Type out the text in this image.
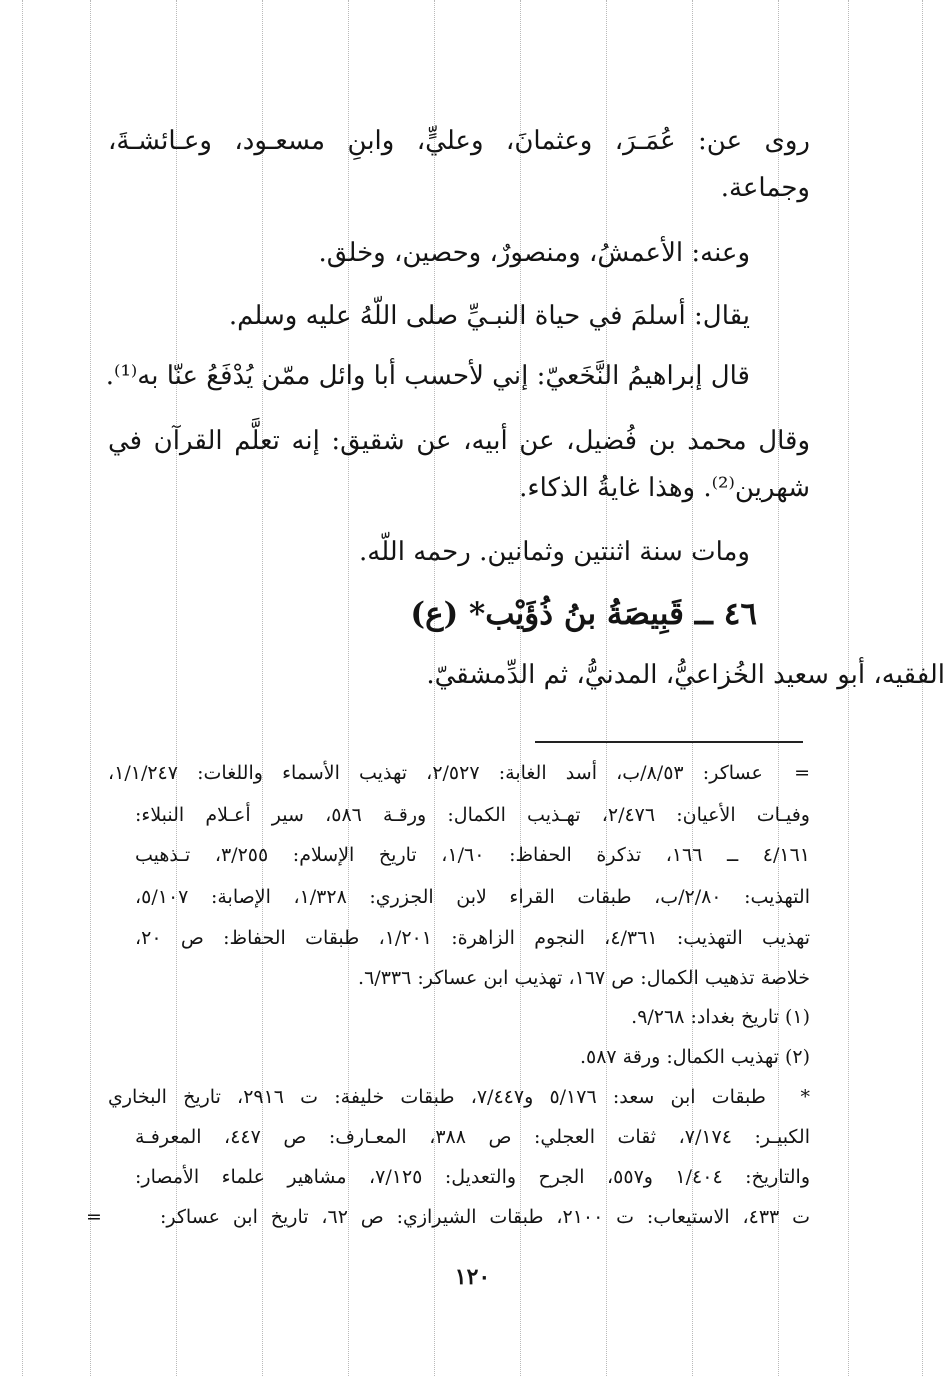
روى عن: عُمَـرَ، وعثمانَ، وعليٍّ، وابنِ مسعـود، وعـائشـةَ،

وجماعة.

وعنه: الأعمشُ، ومنصورٌ، وحصين، وخلق.

يقال: أسلمَ في حياة النبـيِّ صلى اللّهُ عليه وسلم.

قال إبراهيمُ النَّخَعيّ: إني لأحسب أبا وائل ممّن يُدْفَعُ عنّا به⁽¹⁾.

وقال محمد بن فُضيل، عن أبيه، عن شقيق: إنه تعلَّم القرآن في

شهرين⁽²⁾. وهذا غايةُ الذكاء.

ومات سنة اثنتين وثمانين. رحمه اللّه.

٤٦ ــ قَبِيصَةُ بنُ ذُؤَيْب* (ع)

الفقيه، أبو سعيد الخُزاعيُّ، المدنيُّ، ثم الدِّمشقيّ.

= عساكر: ٨/٥٣/ب، أسد الغابة: ٢/٥٢٧، تهذيب الأسماء واللغات: ١/١/٢٤٧،

وفيـات الأعيان: ٢/٤٧٦، تهـذيب الكمال: ورقـة ٥٨٦، سير أعـلام النبلاء:

٤/١٦١ ــ ١٦٦، تذكرة الحفاظ: ١/٦٠، تاريخ الإسلام: ٣/٢٥٥، تـذهيب

التهذيب: ٢/٨٠/ب، طبقات القراء لابن الجزري: ١/٣٢٨، الإصابة: ٥/١٠٧،

تهذيب التهذيب: ٤/٣٦١، النجوم الزاهرة: ١/٢٠١، طبقات الحفاظ: ص ٢٠،

خلاصة تذهيب الكمال: ص ١٦٧، تهذيب ابن عساكر: ٦/٣٣٦.

(١) تاريخ بغداد: ٩/٢٦٨.

(٢) تهذيب الكمال: ورقة ٥٨٧.

* طبقات ابن سعد: ٥/١٧٦ و٧/٤٤٧، طبقات خليفة: ت ٢٩١٦، تاريخ البخاري

الكبيـر: ٧/١٧٤، ثقات العجلي: ص ٣٨٨، المعـارف: ص ٤٤٧، المعرفـة

والتاريخ: ١/٤٠٤ و٥٥٧، الجرح والتعديل: ٧/١٢٥، مشاهير علماء الأمصار:

ت ٤٣٣، الاستيعاب: ت ٢١٠٠، طبقات الشيرازي: ص ٦٢، تاريخ ابن عساكر:

=

١٢٠
